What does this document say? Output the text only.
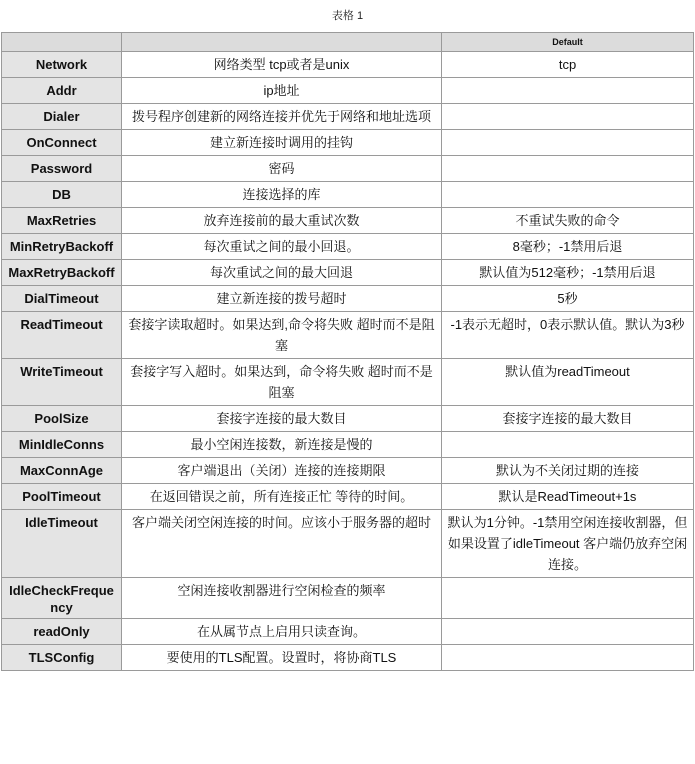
表格 1
		Default
Network	网络类型 tcp或者是unix	tcp
Addr	ip地址	
Dialer	拨号程序创建新的网络连接并优先于网络和地址选项	
OnConnect	建立新连接时调用的挂钩	
Password	密码	
DB	连接选择的库	
MaxRetries	放弃连接前的最大重试次数	不重试失败的命令
MinRetryBackoff	每次重试之间的最小回退。	8毫秒；-1禁用后退
MaxRetryBackoff	每次重试之间的最大回退	默认值为512毫秒；-1禁用后退
DialTimeout	建立新连接的拨号超时	5秒
ReadTimeout	套接字读取超时。如果达到,命令将失败 超时而不是阻塞	-1表示无超时，0表示默认值。默认为3秒
WriteTimeout	套接字写入超时。如果达到，命令将失败 超时而不是阻塞	默认值为readTimeout
PoolSize	套接字连接的最大数目	套接字连接的最大数目
MinIdleConns	最小空闲连接数，新连接是慢的	
MaxConnAge	客户端退出（关闭）连接的连接期限	默认为不关闭过期的连接
PoolTimeout	在返回错误之前，所有连接正忙 等待的时间。	默认是ReadTimeout+1s
IdleTimeout	客户端关闭空闲连接的时间。应该小于服务器的超时	默认为1分钟。-1禁用空闲连接收割器，但如果设置了idleTimeout 客户端仍放弃空闲连接。
IdleCheckFrequency	空闲连接收割器进行空闲检查的频率	
readOnly	在从属节点上启用只读查询。	
TLSConfig	要使用的TLS配置。设置时，将协商TLS	
